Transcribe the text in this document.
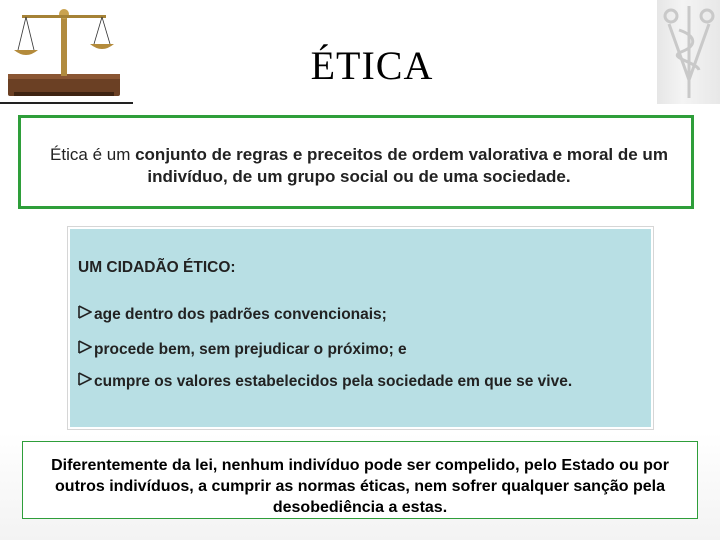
ÉTICA
Ética é um conjunto de regras e preceitos de ordem valorativa e moral de um indivíduo, de um grupo social ou de uma sociedade.
UM CIDADÃO ÉTICO:
age dentro dos padrões convencionais;
procede bem, sem prejudicar o próximo; e
cumpre os valores estabelecidos pela sociedade em que se vive.
Diferentemente da lei, nenhum indivíduo pode ser compelido, pelo Estado ou por outros indivíduos, a cumprir as normas éticas, nem sofrer qualquer sanção pela desobediência a estas.
